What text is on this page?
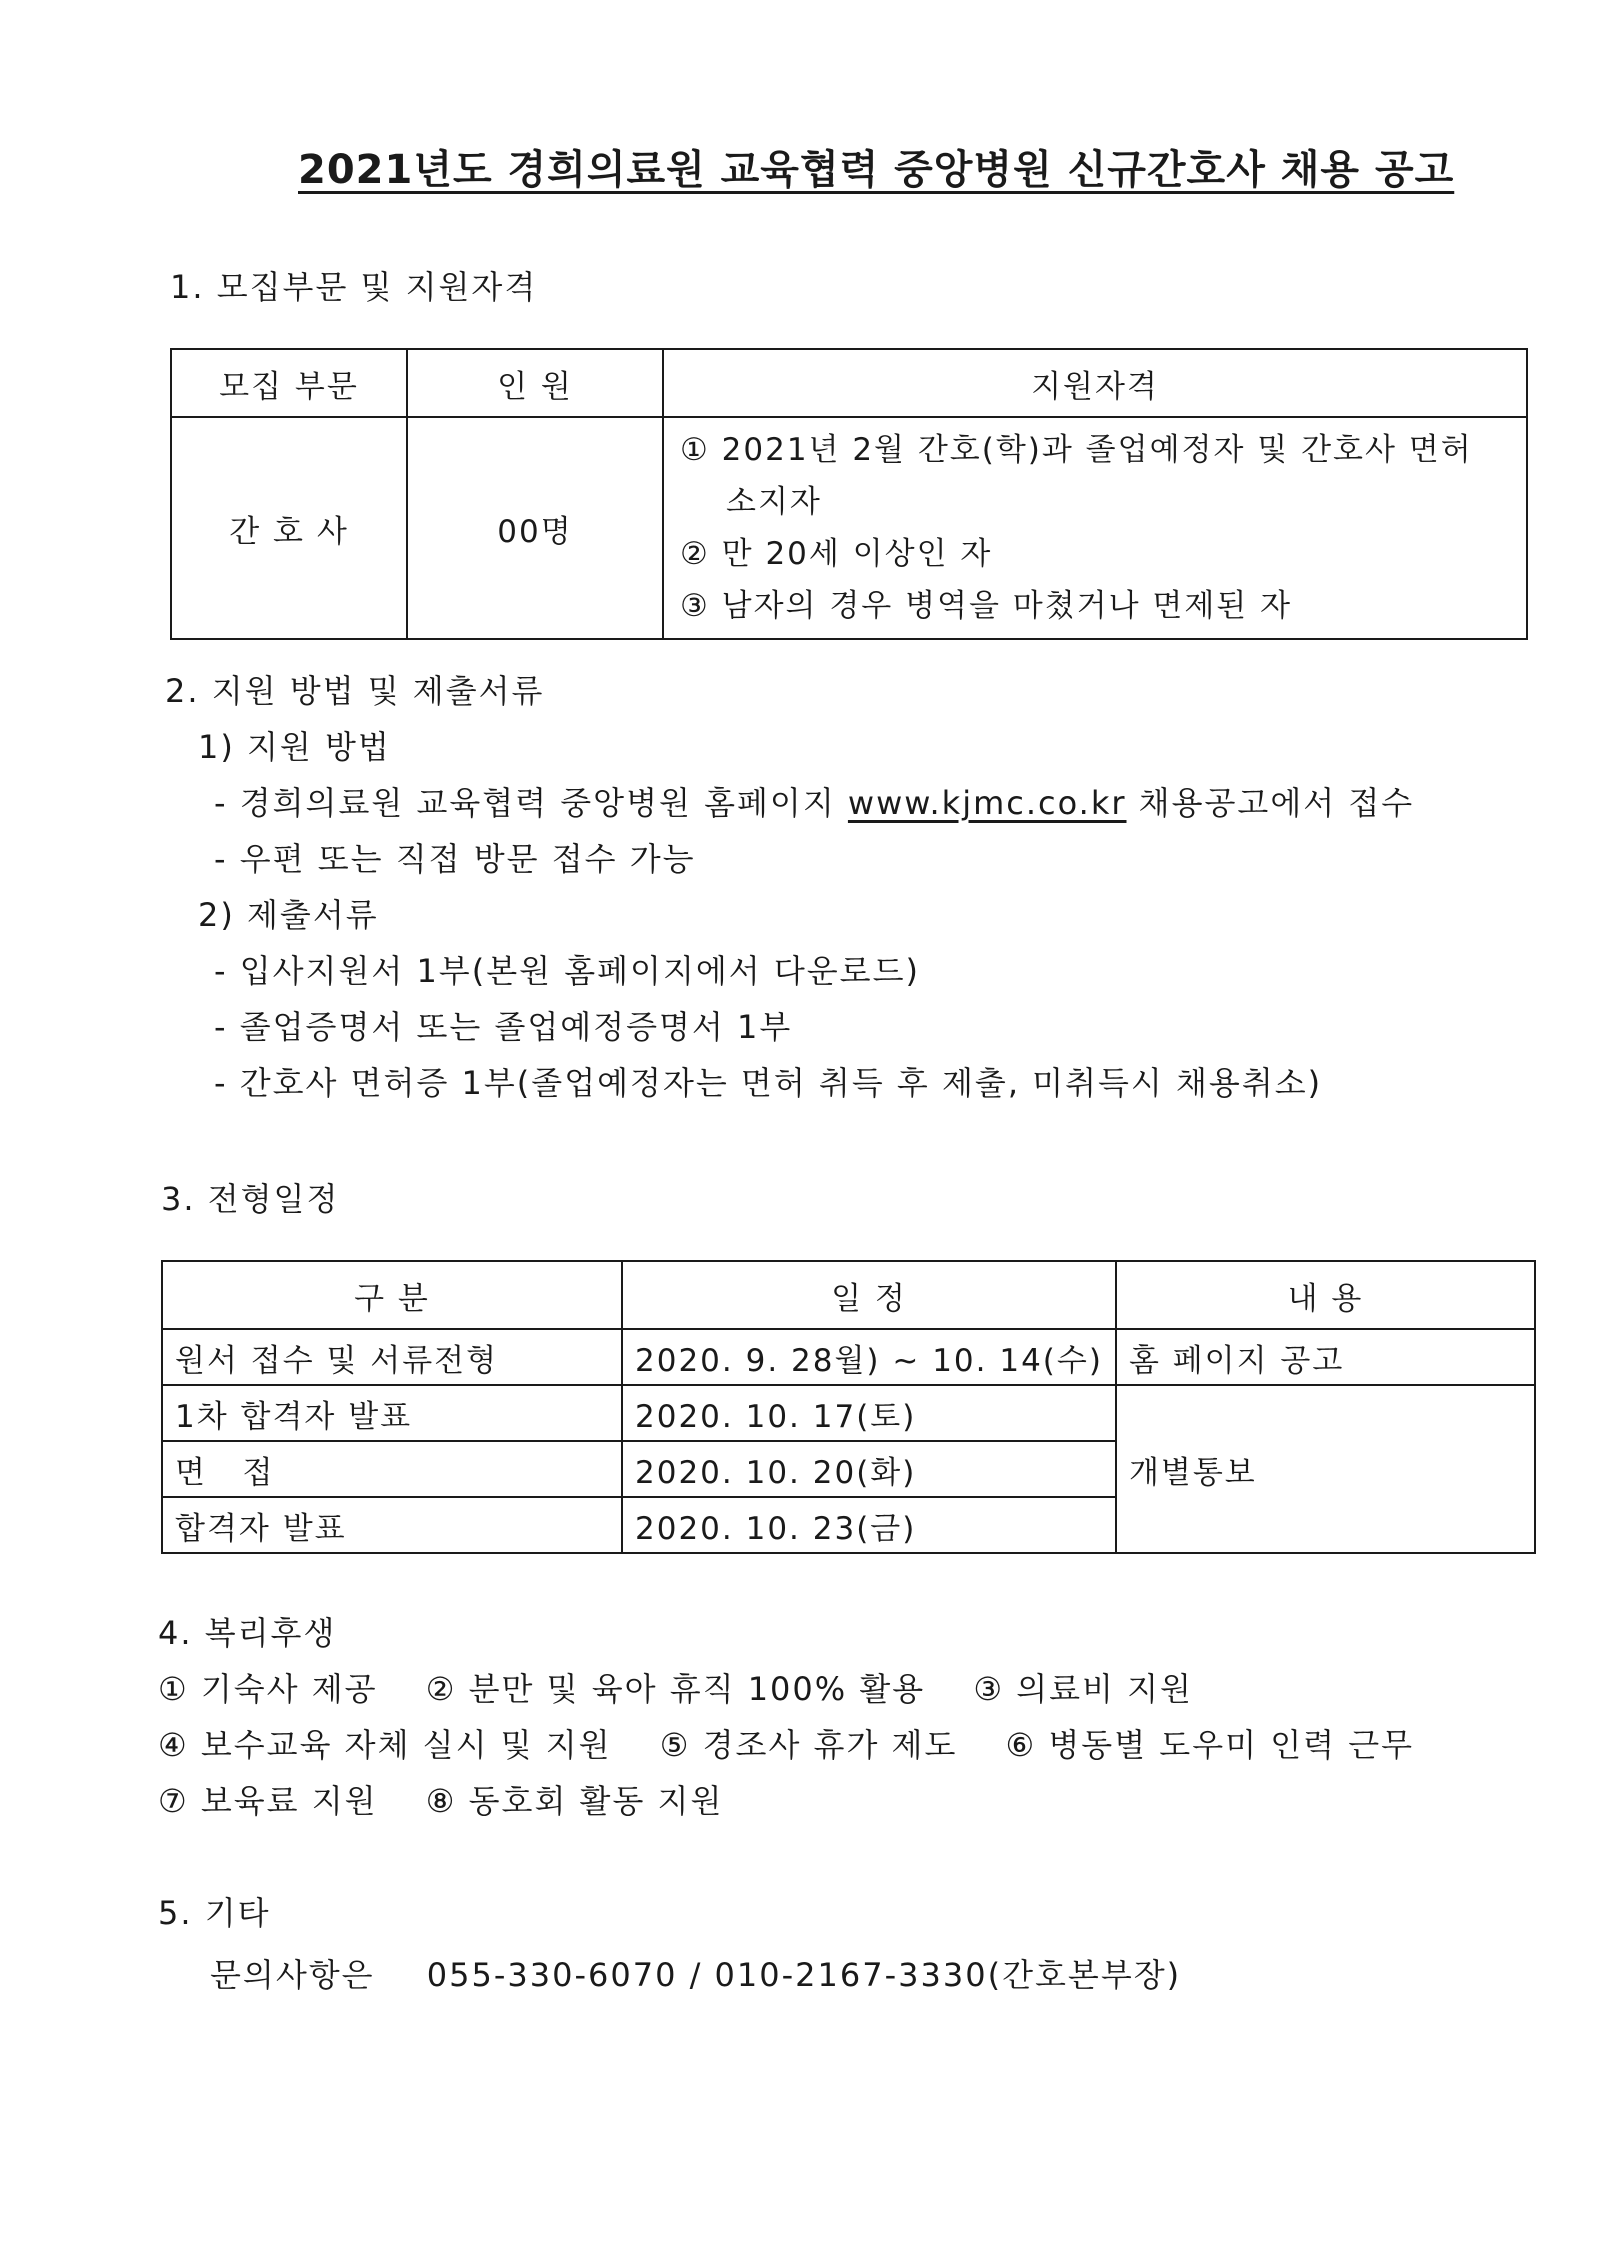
2021년도 경희의료원 교육협력 중앙병원 신규간호사 채용 공고
1. 모집부문 및 지원자격
모집 부문	인 원	지원자격
간 호 사	00명	① 2021년 2월 간호(학)과 졸업예정자 및 간호사 면허
소지자
② 만 20세 이상인 자
③ 남자의 경우 병역을 마쳤거나 면제된 자
2. 지원 방법 및 제출서류
1) 지원 방법
- 경희의료원 교육협력 중앙병원 홈페이지 www.kjmc.co.kr 채용공고에서 접수
- 우편 또는 직접 방문 접수 가능
2) 제출서류
- 입사지원서 1부(본원 홈페이지에서 다운로드)
- 졸업증명서 또는 졸업예정증명서 1부
- 간호사 면허증 1부(졸업예정자는 면허 취득 후 제출, 미취득시 채용취소)
3. 전형일정
구 분	일 정	내 용
원서 접수 및 서류전형	2020. 9. 28월) ~ 10. 14(수)	홈 페이지 공고
1차 합격자 발표	2020. 10. 17(토)	개별통보
면   접	2020. 10. 20(화)	
합격자 발표	2020. 10. 23(금)	
4. 복리후생
① 기숙사 제공 ② 분만 및 육아 휴직 100% 활용 ③ 의료비 지원
④ 보수교육 자체 실시 및 지원 ⑤ 경조사 휴가 제도 ⑥ 병동별 도우미 인력 근무
⑦ 보육료 지원 ⑧ 동호회 활동 지원
5. 기타
문의사항은 055-330-6070 / 010-2167-3330(간호본부장)
